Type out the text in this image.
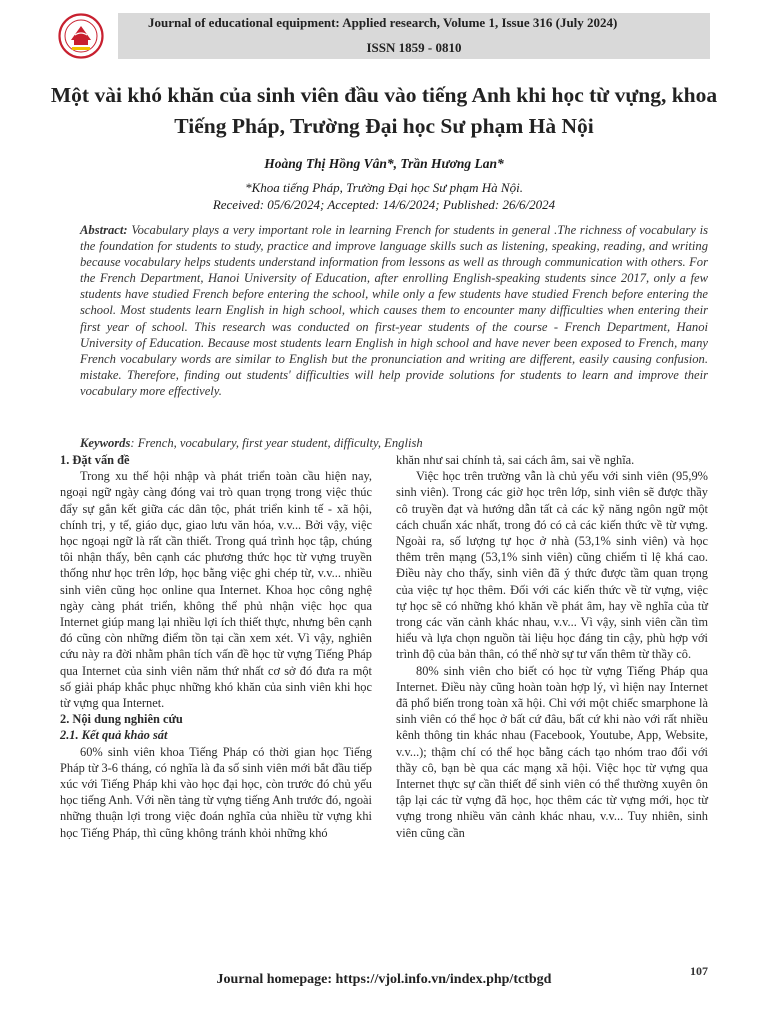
Journal of educational equipment: Applied research, Volume 1, Issue 316 (July 2024)
ISSN 1859 - 0810
Một vài khó khăn của sinh viên đầu vào tiếng Anh khi học từ vựng, khoa Tiếng Pháp, Trường Đại học Sư phạm Hà Nội
Hoàng Thị Hồng Vân*, Trần Hương Lan*
*Khoa tiếng Pháp, Trường Đại học Sư phạm Hà Nội.
Received: 05/6/2024; Accepted: 14/6/2024; Published: 26/6/2024
Abstract: Vocabulary plays a very important role in learning French for students in general .The richness of vocabulary is the foundation for students to study, practice and improve language skills such as listening, speaking, reading, and writing because vocabulary helps students understand information from lessons as well as through communication with others. For the French Department, Hanoi University of Education, after enrolling English-speaking students since 2017, only a few students have studied French before entering the school, while only a few students have studied French before entering the school. Most students learn English in high school, which causes them to encounter many difficulties when entering their first year of school. This research was conducted on first-year students of the course - French Department, Hanoi University of Education. Because most students learn English in high school and have never been exposed to French, many French vocabulary words are similar to English but the pronunciation and writing are different, easily causing confusion. mistake. Therefore, finding out students' difficulties will help provide solutions for students to learn and improve their vocabulary more effectively.
Keywords: French, vocabulary, first year student, difficulty, English

1. Đặt vấn đề

Trong xu thế hội nhập và phát triển toàn cầu hiện nay, ngoại ngữ ngày càng đóng vai trò quan trọng trong việc thúc đẩy sự gắn kết giữa các dân tộc, phát triển kinh tế - xã hội, chính trị, y tế, giáo dục, giao lưu văn hóa, v.v... Bởi vậy, việc học ngoại ngữ là rất cần thiết. Trong quá trình học tập, chúng tôi nhận thấy, bên cạnh các phương thức học từ vựng truyền thống như học trên lớp, học bằng việc ghi chép từ, v.v... nhiều sinh viên cũng học online qua Internet. Khoa học công nghệ ngày càng phát triển, không thể phủ nhận việc học qua Internet giúp mang lại nhiều lợi ích thiết thực, nhưng bên cạnh đó cũng còn những điểm tồn tại cần xem xét. Vì vậy, nghiên cứu này ra đời nhằm phân tích vấn đề học từ vựng Tiếng Pháp qua Internet của sinh viên năm thứ nhất cơ sở đó đưa ra một số giải pháp khắc phục những khó khăn của sinh viên khi học từ vựng qua Internet.

2. Nội dung nghiên cứu

2.1. Kết quả khảo sát

60% sinh viên khoa Tiếng Pháp có thời gian học Tiếng Pháp từ 3-6 tháng, có nghĩa là đa số sinh viên mới bắt đầu tiếp xúc với Tiếng Pháp khi vào học đại học, còn trước đó chủ yếu học tiếng Anh. Với nền tảng từ vựng tiếng Anh trước đó, ngoài những thuận lợi trong việc đoán nghĩa của nhiều từ vựng khi học Tiếng Pháp, thì cũng không tránh khỏi những khó

khăn như sai chính tả, sai cách âm, sai về nghĩa.

Việc học trên trường vẫn là chủ yếu với sinh viên (95,9% sinh viên). Trong các giờ học trên lớp, sinh viên sẽ được thầy cô truyền đạt và hướng dẫn tất cả các kỹ năng ngôn ngữ một cách chuẩn xác nhất, trong đó có cả các kiến thức về từ vựng. Ngoài ra, số lượng tự học ở nhà (53,1% sinh viên) và học thêm trên mạng (53,1% sinh viên) cũng chiếm tỉ lệ khá cao. Điều này cho thấy, sinh viên đã ý thức được tầm quan trọng của việc tự học thêm. Đối với các kiến thức về từ vựng, việc tự học sẽ có những khó khăn về phát âm, hay về nghĩa của từ trong các văn cảnh khác nhau, v.v... Vì vậy, sinh viên cần tìm hiểu và lựa chọn nguồn tài liệu học đáng tin cậy, phù hợp với trình độ của bản thân, có thể nhờ sự tư vấn thêm từ thầy cô.

80% sinh viên cho biết có học từ vựng Tiếng Pháp qua Internet. Điều này cũng hoàn toàn hợp lý, vì hiện nay Internet đã phổ biến trong toàn xã hội. Chỉ với một chiếc smarphone là sinh viên có thể học ở bất cứ đâu, bất cứ khi nào với rất nhiều kênh thông tin khác nhau (Facebook, Youtube, App, Website, v.v...); thậm chí có thể học bằng cách tạo nhóm trao đổi với thầy cô, bạn bè qua các mạng xã hội. Việc học từ vựng qua Internet thực sự cần thiết để sinh viên có thể thường xuyên ôn tập lại các từ vựng đã học, học thêm các từ vựng mới, học từ vựng trong nhiều văn cảnh khác nhau, v.v... Tuy nhiên, sinh viên cũng cần

Journal homepage: https://vjol.info.vn/index.php/tctbgd
107
